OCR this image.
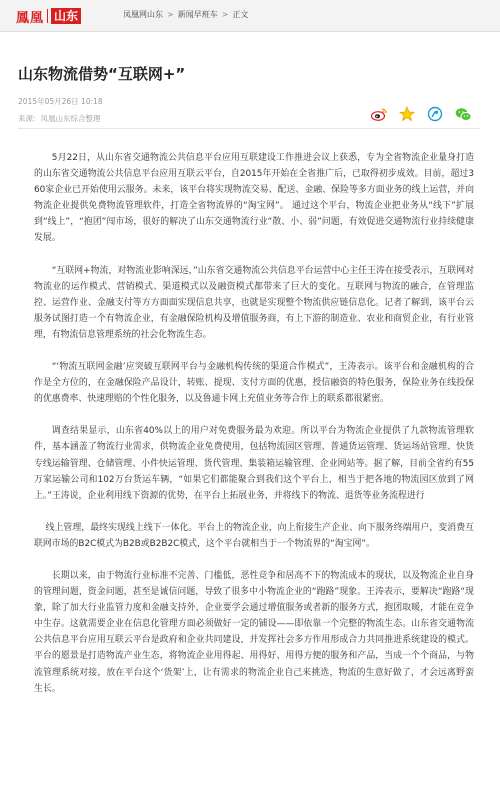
鳳凰 山东	凤凰网山东 > 新闻早班车 > 正文
山东物流借势“互联网+”
2015年05月26日 10:18
来源：凤凰山东综合整理

5月22日，从山东省交通物流公共信息平台应用互联建设工作推进会议上获悉，专为全省物流企业量身打造的山东省交通物流公共信息平台应用互联云平台，自2015年开始在全省推广后，已取得初步成效。目前，超过360家企业已开始使用云服务。未来，该平台将实现物流交易、配送、金融、保险等多方面业务的线上运营，并向物流企业提供免费物流管理软件，打造全省物流界的“淘宝网”。 通过这个平台，物流企业把业务从“线下”扩展到“线上”，“抱团”闯市场，很好的解决了山东交通物流行业“散、小、弱”问题，有效促进交通物流行业持续健康发展。

“互联网+物流，对物流业影响深远，”山东省交通物流公共信息平台运营中心主任王涛在接受表示，互联网对物流业的运作模式、营销模式、渠道模式以及融资模式都带来了巨大的变化。互联网与物流的融合，在管理监控、运营作业、金融支付等方方面面实现信息共享，也就是实现整个物流供应链信息化。记者了解到，该平台云服务试图打造一个有物流企业，有金融保险机构及增值服务商，有上下游的制造业、农业和商贸企业，有行业管理，有物流信息管理系统的社会化物流生态。

“‘物流互联网金融’应突破互联网平台与金融机构传统的渠道合作模式”，王涛表示。该平台和金融机构的合作是全方位的，在金融保险产品设计，转账、提现、支付方面的优惠，授信融资的特色服务，保险业务在线投保的优惠费率、快速理赔的个性化服务，以及鲁通卡网上充值业务等合作上的联系都很紧密。

调查结果显示，山东省40%以上的用户对免费服务最为欢迎。所以平台为物流企业提供了九款物流管理软件，基本涵盖了物流行业需求，供物流企业免费使用，包括物流园区管理、普通货运管理、货运场站管理、快货专线运输管理、仓储管理、小件快运管理、货代管理、集装箱运输管理、企业网站等。据了解，目前全省约有55万家运输公司和102万台货运车辆，“如果它们都能聚合到我们这个平台上，相当于把各地的物流园区放到了网上。”王涛说，企业利用线下资源的优势，在平台上拓展业务，并将线下的物流、退货等业务流程进行

线上管理，最终实现线上线下一体化。平台上的物流企业，向上衔接生产企业、向下服务终端用户，变消费互联网市场的B2C模式为B2B或B2B2C模式，这个平台就相当于一个物流界的“淘宝网”。

长期以来，由于物流行业标准不完善、门槛低，恶性竞争和居高不下的物流成本的现状，以及物流企业自身的管理问题，资金问题，甚至是诚信问题，导致了很多中小物流企业的“跑路”现象。王涛表示，要解决“跑路“现象，除了加大行业监管力度和金融支持外，企业要学会通过增值服务或者新的服务方式，抱团取暖，才能在竞争中生存。这就需要企业在信息化管理方面必须做好一定的铺设——即依靠一个完整的物流生态。山东省交通物流公共信息平台应用互联云平台是政府和企业共同建设，并发挥社会多方作用形成合力共同推进系统建设的模式。平台的愿景是打造物流产业生态，将物流企业用得起、用得好、用得方便的服务和产品，当成一个个商品，与物流管理系统对接，放在平台这个‘货架’上，让有需求的物流企业自己来挑选，物流的生意好做了，才会远离野蛮生长。
